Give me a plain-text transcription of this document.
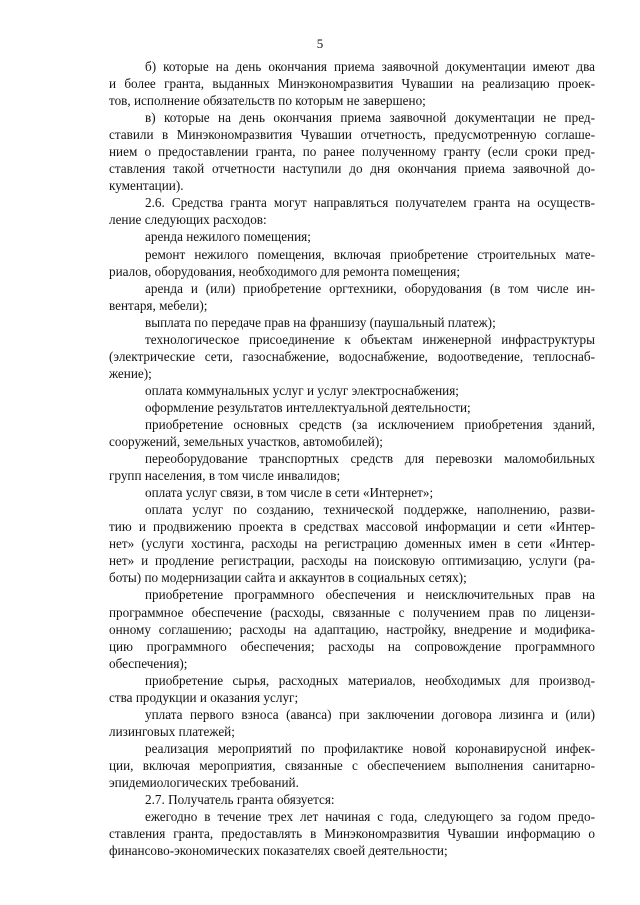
5
б) которые на день окончания приема заявочной документации имеют два
и более гранта, выданных Минэкономразвития Чувашии на реализацию проек-
тов, исполнение обязательств по которым не завершено;
в) которые на день окончания приема заявочной документации не пред-
ставили в Минэкономразвития Чувашии отчетность, предусмотренную соглаше-
нием о предоставлении гранта, по ранее полученному гранту (если сроки пред-
ставления такой отчетности наступили до дня окончания приема заявочной до-
кументации).
2.6. Средства гранта могут направляться получателем гранта на осуществ-
ление следующих расходов:
аренда нежилого помещения;
ремонт нежилого помещения, включая приобретение строительных мате-
риалов, оборудования, необходимого для ремонта помещения;
аренда и (или) приобретение оргтехники, оборудования (в том числе ин-
вентаря, мебели);
выплата по передаче прав на франшизу (паушальный платеж);
технологическое присоединение к объектам инженерной инфраструктуры
(электрические сети, газоснабжение, водоснабжение, водоотведение, теплоснаб-
жение);
оплата коммунальных услуг и услуг электроснабжения;
оформление результатов интеллектуальной деятельности;
приобретение основных средств (за исключением приобретения зданий,
сооружений, земельных участков, автомобилей);
переоборудование транспортных средств для перевозки маломобильных
групп населения, в том числе инвалидов;
оплата услуг связи, в том числе в сети «Интернет»;
оплата услуг по созданию, технической поддержке, наполнению, разви-
тию и продвижению проекта в средствах массовой информации и сети «Интер-
нет» (услуги хостинга, расходы на регистрацию доменных имен в сети «Интер-
нет» и продление регистрации, расходы на поисковую оптимизацию, услуги (ра-
боты) по модернизации сайта и аккаунтов в социальных сетях);
приобретение программного обеспечения и неисключительных прав на
программное обеспечение (расходы, связанные с получением прав по лицензи-
онному соглашению; расходы на адаптацию, настройку, внедрение и модифика-
цию программного обеспечения; расходы на сопровождение программного
обеспечения);
приобретение сырья, расходных материалов, необходимых для производ-
ства продукции и оказания услуг;
уплата первого взноса (аванса) при заключении договора лизинга и (или)
лизинговых платежей;
реализация мероприятий по профилактике новой коронавирусной инфек-
ции, включая мероприятия, связанные с обеспечением выполнения санитарно-
эпидемиологических требований.
2.7. Получатель гранта обязуется:
ежегодно в течение трех лет начиная с года, следующего за годом предо-
ставления гранта, предоставлять в Минэкономразвития Чувашии информацию о
финансово-экономических показателях своей деятельности;
